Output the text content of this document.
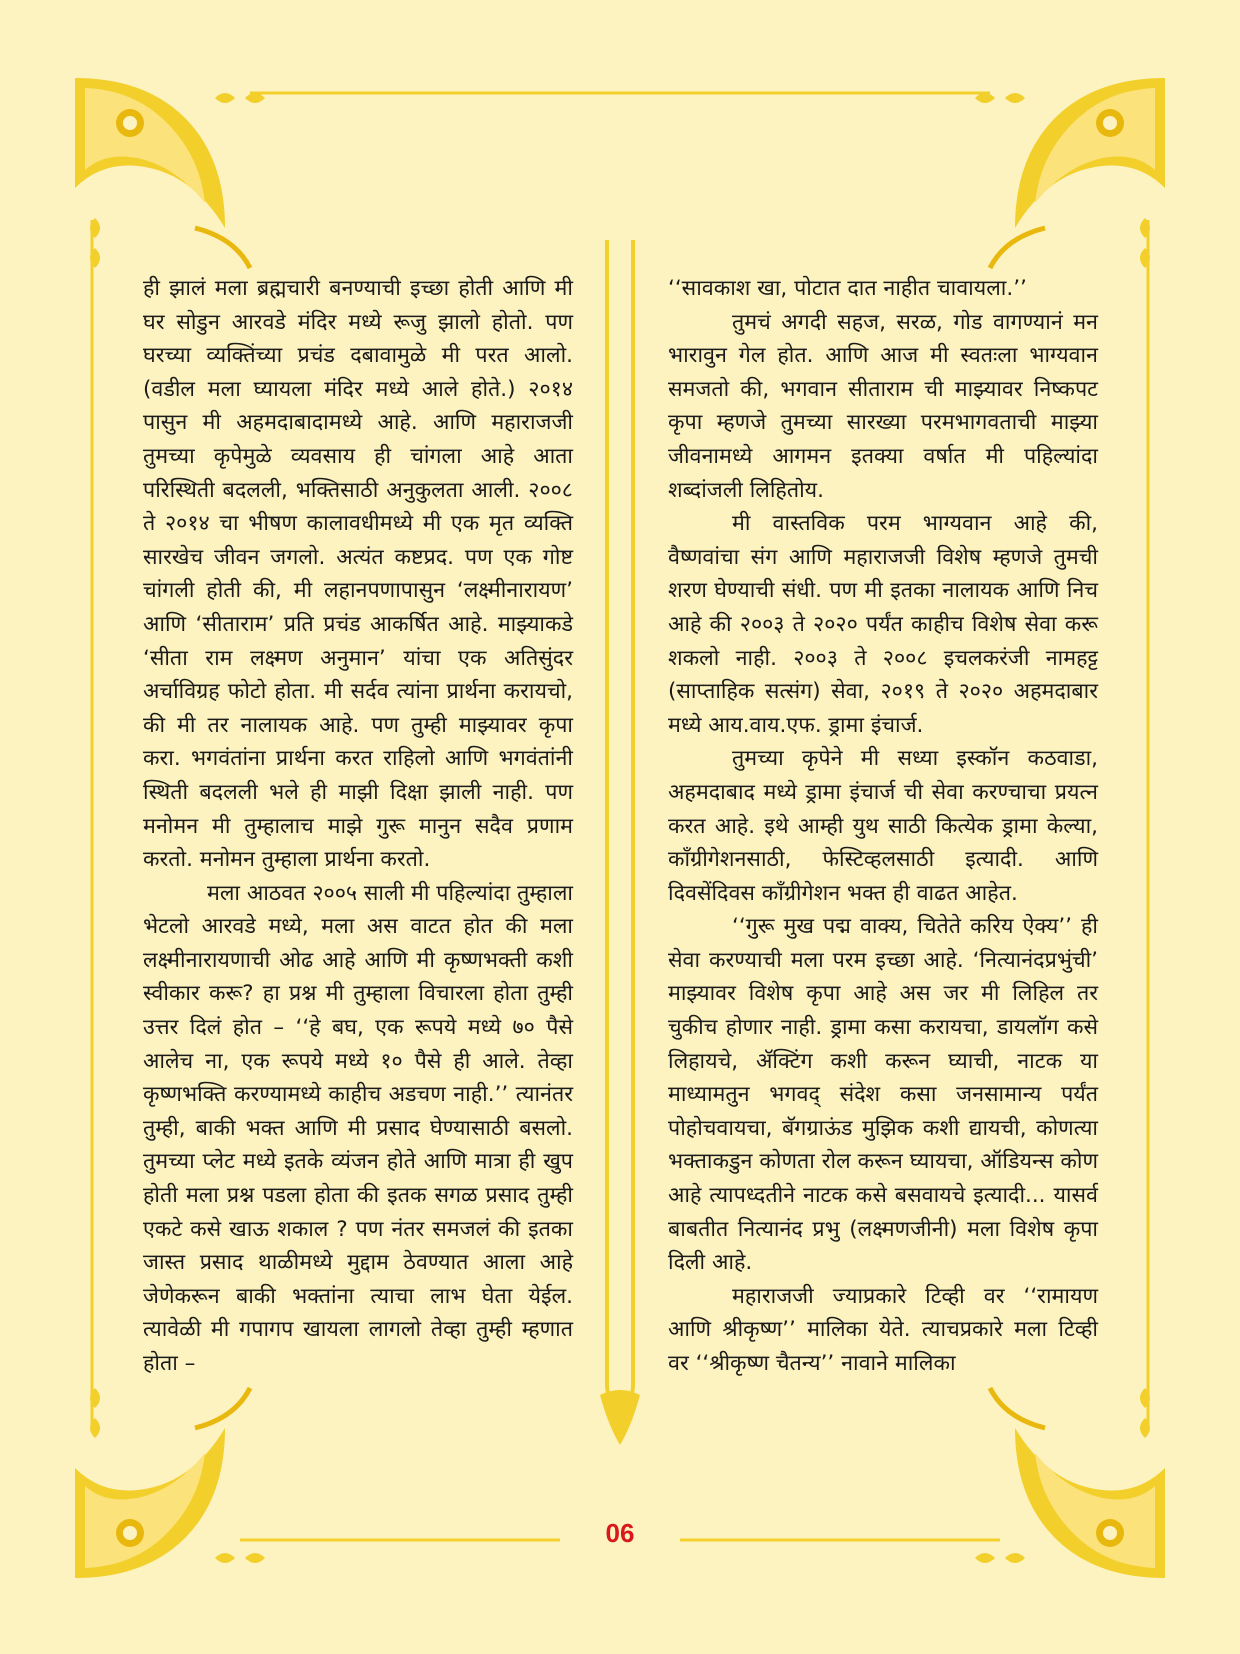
ही झालं मला ब्रह्मचारी बनण्याची इच्छा होती आणि मी घर सोडुन आरवडे मंदिर मध्ये रूजु झालो होतो. पण घरच्या व्यक्तिंच्या प्रचंड दबावामुळे मी परत आलो. (वडील मला घ्यायला मंदिर मध्ये आले होते.) २०१४ पासुन मी अहमदाबादामध्ये आहे. आणि महाराजजी तुमच्या कृपेमुळे व्यवसाय ही चांगला आहे आता परिस्थिती बदलली, भक्तिसाठी अनुकुलता आली. २००८ ते २०१४ चा भीषण कालावधीमध्ये मी एक मृत व्यक्ति सारखेच जीवन जगलो. अत्यंत कष्टप्रद. पण एक गोष्ट चांगली होती की, मी लहानपणापासुन ‘लक्ष्मीनारायण’ आणि ‘सीताराम’ प्रति प्रचंड आकर्षित आहे. माझ्याकडे ‘सीता राम लक्ष्मण अनुमान’ यांचा एक अतिसुंदर अर्चाविग्रह फोटो होता. मी सर्दव त्यांना प्रार्थना करायचो, की मी तर नालायक आहे. पण तुम्ही माझ्यावर कृपा करा. भगवंतांना प्रार्थना करत राहिलो आणि भगवंतांनी स्थिती बदलली भले ही माझी दिक्षा झाली नाही. पण मनोमन मी तुम्हालाच माझे गुरू मानुन सदैव प्रणाम करतो. मनोमन तुम्हाला प्रार्थना करतो.

मला आठवत २००५ साली मी पहिल्यांदा तुम्हाला भेटलो आरवडे मध्ये, मला अस वाटत होत की मला लक्ष्मीनारायणाची ओढ आहे आणि मी कृष्णभक्ती कशी स्वीकार करू? हा प्रश्न मी तुम्हाला विचारला होता तुम्ही उत्तर दिलं होत – ‘‘हे बघ, एक रूपये मध्ये ७० पैसे आलेच ना, एक रूपये मध्ये १० पैसे ही आले. तेव्हा कृष्णभक्ति करण्यामध्ये काहीच अडचण नाही.’’ त्यानंतर तुम्ही, बाकी भक्त आणि मी प्रसाद घेण्यासाठी बसलो. तुमच्या प्लेट मध्ये इतके व्यंजन होते आणि मात्रा ही खुप होती मला प्रश्न पडला होता की इतक सगळ प्रसाद तुम्ही एकटे कसे खाऊ शकाल ? पण नंतर समजलं की इतका जास्त प्रसाद थाळीमध्ये मुद्दाम ठेवण्यात आला आहे जेणेकरून बाकी भक्तांना त्याचा लाभ घेता येईल. त्यावेळी मी गपागप खायला लागलो तेव्हा तुम्ही म्हणात होता –

‘‘सावकाश खा, पोटात दात नाहीत चावायला.’’

तुमचं अगदी सहज, सरळ, गोड वागण्यानं मन भारावुन गेल होत. आणि आज मी स्वतःला भाग्यवान समजतो की, भगवान सीताराम ची माझ्यावर निष्कपट कृपा म्हणजे तुमच्या सारख्या परमभागवताची माझ्या जीवनामध्ये आगमन इतक्या वर्षात मी पहिल्यांदा शब्दांजली लिहितोय.

मी वास्तविक परम भाग्यवान आहे की, वैष्णवांचा संग आणि महाराजजी विशेष म्हणजे तुमची शरण घेण्याची संधी. पण मी इतका नालायक आणि निच आहे की २००३ ते २०२० पर्यंत काहीच विशेष सेवा करू शकलो नाही. २००३ ते २००८ इचलकरंजी नामहट्ट (साप्ताहिक सत्संग) सेवा, २०१९ ते २०२० अहमदाबार मध्ये आय.वाय.एफ. ड्रामा इंचार्ज.

तुमच्या कृपेने मी सध्या इस्कॉन कठवाडा, अहमदाबाद मध्ये ड्रामा इंचार्ज ची सेवा करण्चाचा प्रयत्न करत आहे. इथे आम्ही युथ साठी कित्येक ड्रामा केल्या, कॉंग्रीगेशनसाठी, फेस्टिव्हलसाठी इत्यादी. आणि दिवसेंदिवस कॉंग्रीगेशन भक्त ही वाढत आहेत.

‘‘गुरू मुख पद्म वाक्य, चितेते करिय ऐक्य’’ ही सेवा करण्याची मला परम इच्छा आहे. ‘नित्यानंदप्रभुंची’ माझ्यावर विशेष कृपा आहे अस जर मी लिहिल तर चुकीच होणार नाही. ड्रामा कसा करायचा, डायलॉग कसे लिहायचे, ॲक्टिंग कशी करून घ्याची, नाटक या माध्यामतुन भगवद् संदेश कसा जनसामान्य पर्यंत पोहोचवायचा, बॅगग्राऊंड मुझिक कशी द्यायची, कोणत्या भक्ताकडुन कोणता रोल करून घ्यायचा, ऑडियन्स कोण आहे त्यापध्दतीने नाटक कसे बसवायचे इत्यादी... यासर्व बाबतीत नित्यानंद प्रभु (लक्ष्मणजीनी) मला विशेष कृपा दिली आहे.

महाराजजी ज्याप्रकारे टिव्ही वर ‘‘रामायण आणि श्रीकृष्ण’’ मालिका येते. त्याचप्रकारे मला टिव्ही वर ‘‘श्रीकृष्ण चैतन्य’’ नावाने मालिका

06
